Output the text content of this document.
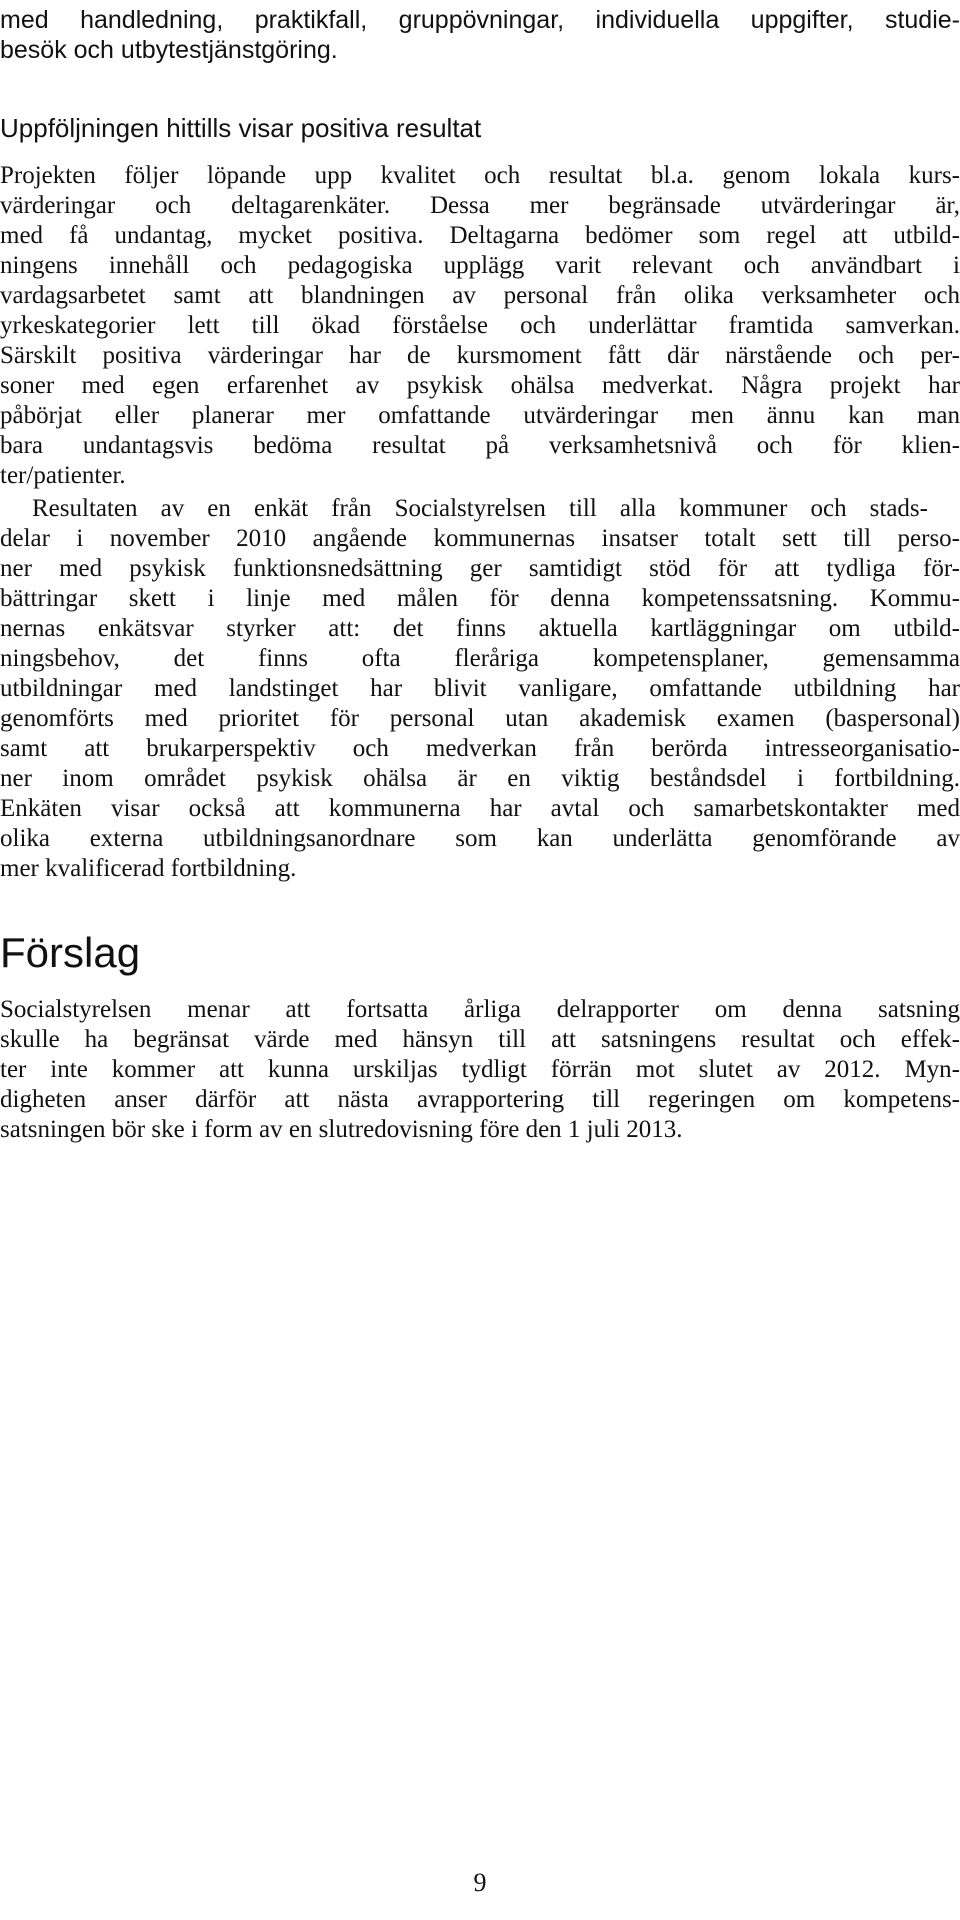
med handledning, praktikfall, gruppövningar, individuella uppgifter, studie-

besök och utbytestjänstgöring.

Uppföljningen hittills visar positiva resultat

Projekten följer löpande upp kvalitet och resultat bl.a. genom lokala kurs-

värderingar och deltagarenkäter. Dessa mer begränsade utvärderingar är,

med få undantag, mycket positiva. Deltagarna bedömer som regel att utbild-

ningens innehåll och pedagogiska upplägg varit relevant och användbart i

vardagsarbetet samt att blandningen av personal från olika verksamheter och

yrkeskategorier lett till ökad förståelse och underlättar framtida samverkan.

Särskilt positiva värderingar har de kursmoment fått där närstående och per-

soner med egen erfarenhet av psykisk ohälsa medverkat. Några projekt har

påbörjat eller planerar mer omfattande utvärderingar men ännu kan man

bara undantagsvis bedöma resultat på verksamhetsnivå och för klien-

ter/patienter.

Resultaten av en enkät från Socialstyrelsen till alla kommuner och stads-

delar i november 2010 angående kommunernas insatser totalt sett till perso-

ner med psykisk funktionsnedsättning ger samtidigt stöd för att tydliga för-

bättringar skett i linje med målen för denna kompetenssatsning. Kommu-

nernas enkätsvar styrker att: det finns aktuella kartläggningar om utbild-

ningsbehov, det finns ofta fleråriga kompetensplaner, gemensamma

utbildningar med landstinget har blivit vanligare, omfattande utbildning har

genomförts med prioritet för personal utan akademisk examen (baspersonal)

samt att brukarperspektiv och medverkan från berörda intresseorganisatio-

ner inom området psykisk ohälsa är en viktig beståndsdel i fortbildning.

Enkäten visar också att kommunerna har avtal och samarbetskontakter med

olika externa utbildningsanordnare som kan underlätta genomförande av

mer kvalificerad fortbildning.

Förslag

Socialstyrelsen menar att fortsatta årliga delrapporter om denna satsning

skulle ha begränsat värde med hänsyn till att satsningens resultat och effek-

ter inte kommer att kunna urskiljas tydligt förrän mot slutet av 2012. Myn-

digheten anser därför att nästa avrapportering till regeringen om kompetens-

satsningen bör ske i form av en slutredovisning före den 1 juli 2013.

9
